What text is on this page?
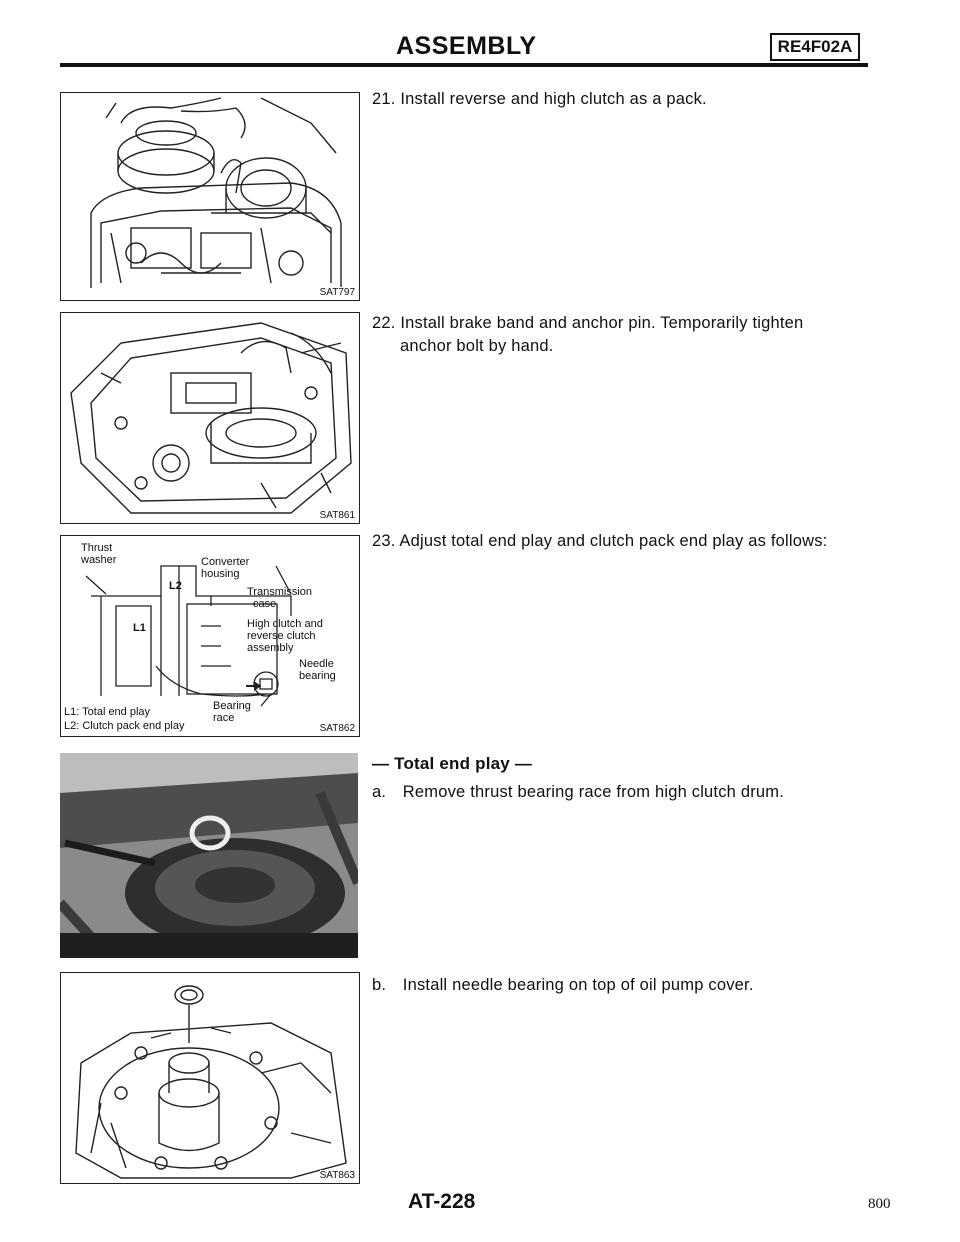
ASSEMBLY	RE4F02A
SAT797
SAT861
Thrust
washer
L2
L1
Converter
housing
Transmission
case
High clutch and
reverse clutch
assembly
Needle
bearing
Bearing
race
L1: Total end play
L2: Clutch pack end play	SAT862
SAT863
21. Install reverse and high clutch as a pack.
22. Install brake band and anchor pin. Temporarily tighten
anchor bolt by hand.
23. Adjust total end play and clutch pack end play as follows:
— Total end play —
a. Remove thrust bearing race from high clutch drum.
b. Install needle bearing on top of oil pump cover.
AT-228	800
